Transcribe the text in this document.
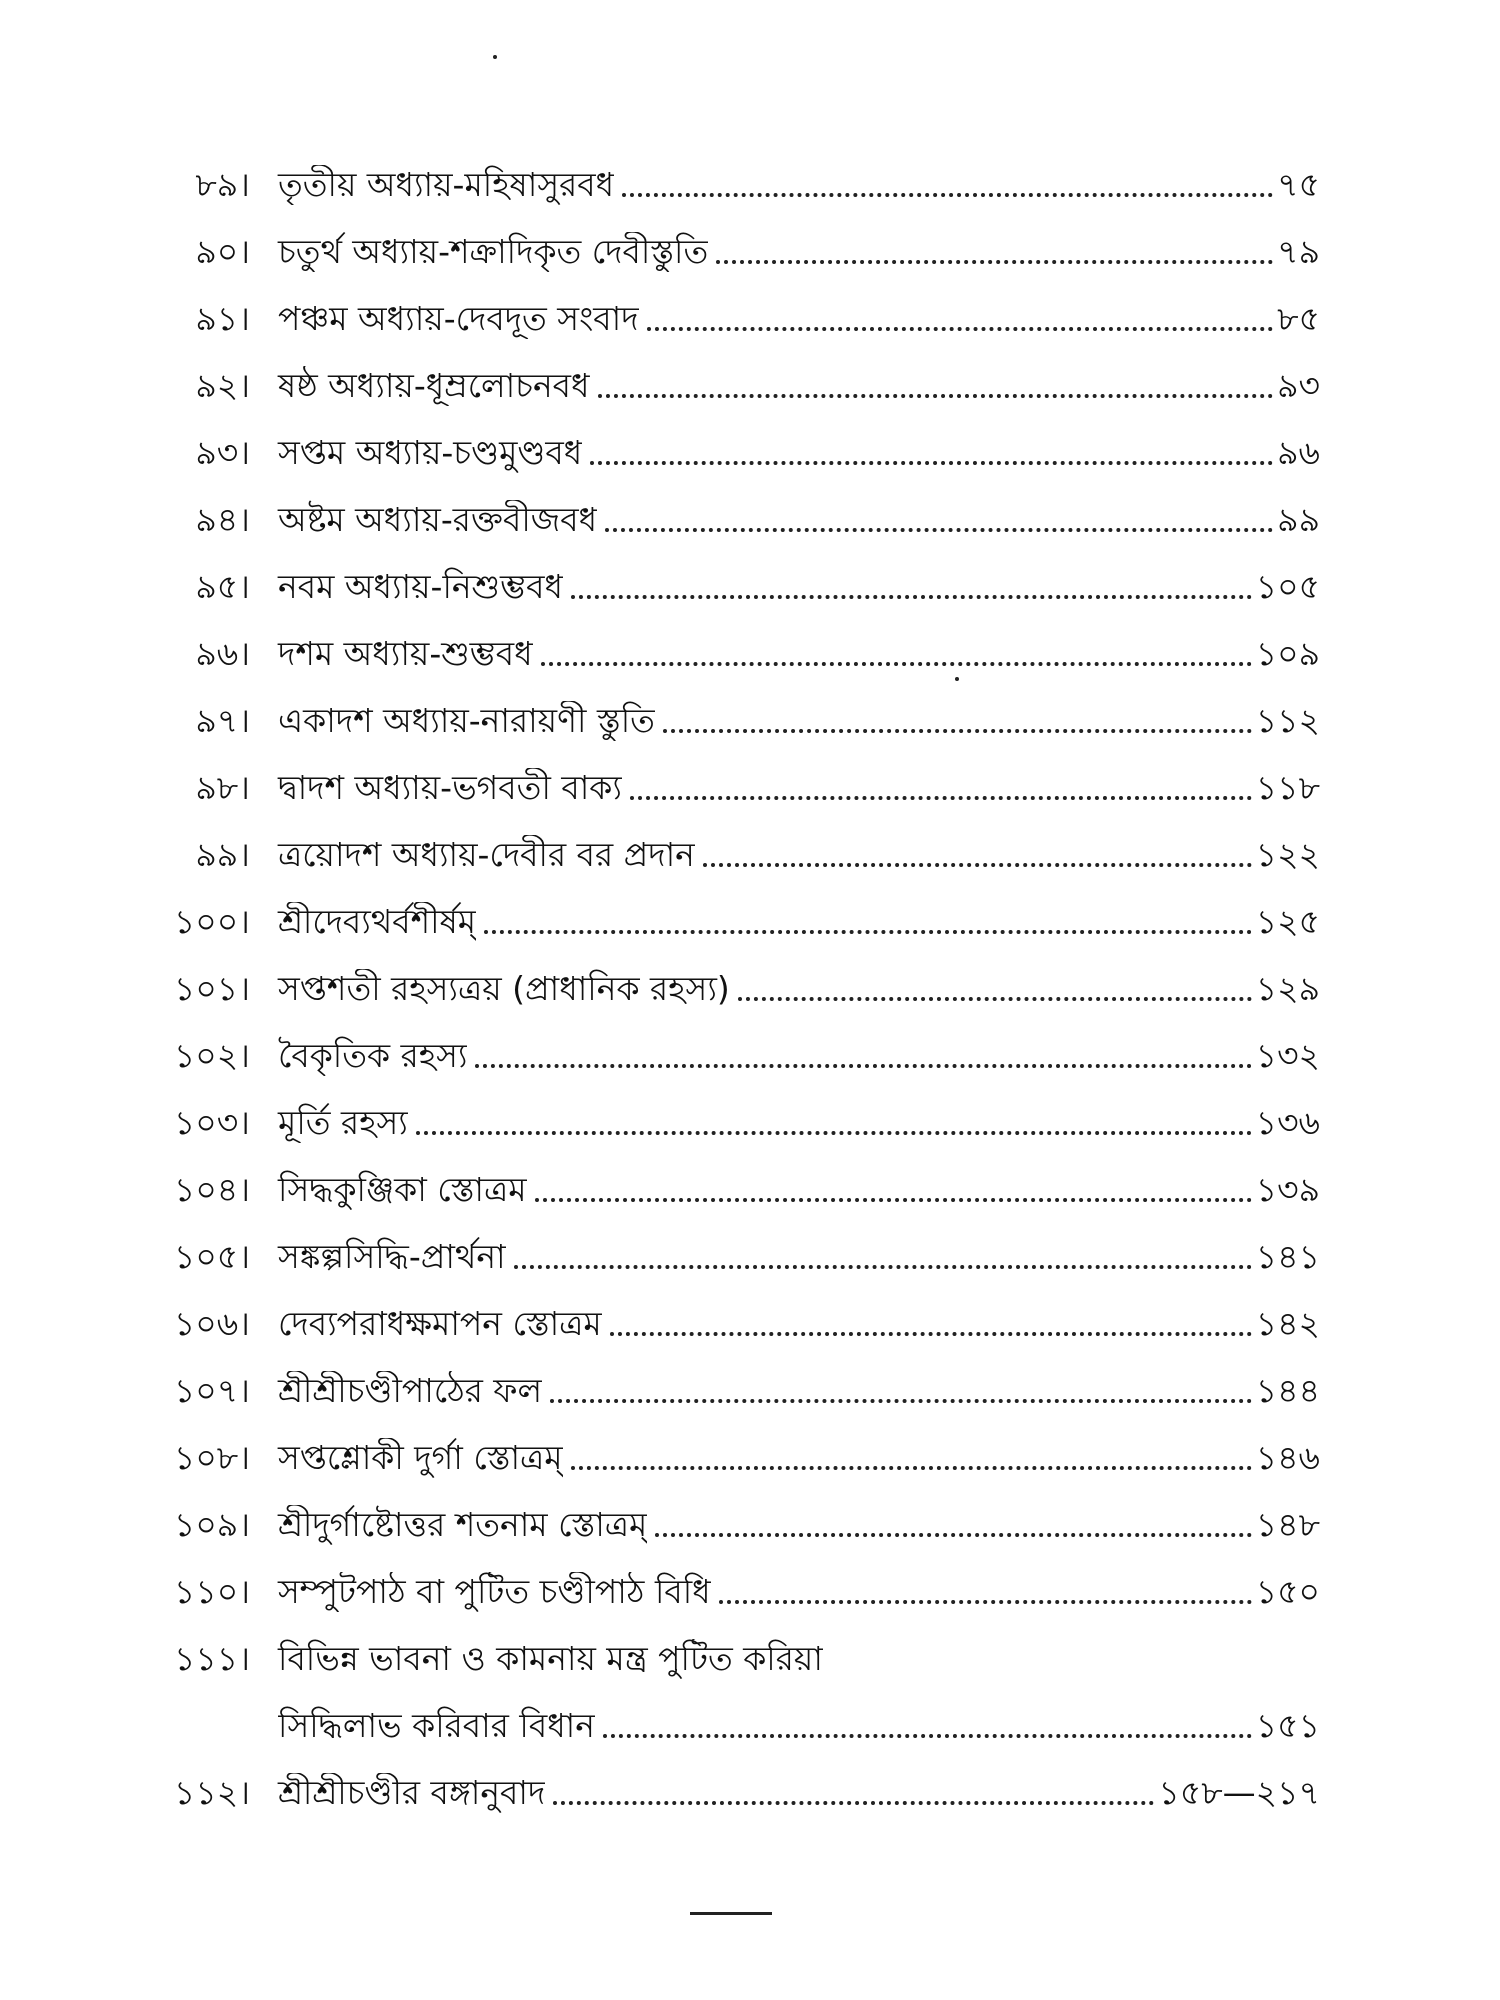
৮৯। তৃতীয় অধ্যায়-মহিষাসুরবধ	৭৫
৯০। চতুর্থ অধ্যায়-শক্রাদিকৃত দেবীস্তুতি	৭৯
৯১। পঞ্চম অধ্যায়-দেবদূত সংবাদ	৮৫
৯২। ষষ্ঠ অধ্যায়-ধূম্রলোচনবধ	৯৩
৯৩। সপ্তম অধ্যায়-চণ্ডমুণ্ডবধ	৯৬
৯৪। অষ্টম অধ্যায়-রক্তবীজবধ	৯৯
৯৫। নবম অধ্যায়-নিশুম্ভবধ	১০৫
৯৬। দশম অধ্যায়-শুম্ভবধ	১০৯
৯৭। একাদশ অধ্যায়-নারায়ণী স্তুতি	১১২
৯৮। দ্বাদশ অধ্যায়-ভগবতী বাক্য	১১৮
৯৯। ত্রয়োদশ অধ্যায়-দেবীর বর প্রদান	১২২
১০০। শ্রীদেব্যথর্বশীর্ষম্	১২৫
১০১। সপ্তশতী রহস্যত্রয় (প্রাধানিক রহস্য)	১২৯
১০২। বৈকৃতিক রহস্য	১৩২
১০৩। মূর্তি রহস্য	১৩৬
১০৪। সিদ্ধকুঞ্জিকা স্তোত্রম	১৩৯
১০৫। সঙ্কল্পসিদ্ধি-প্রার্থনা	১৪১
১০৬। দেব্যপরাধক্ষমাপন স্তোত্রম	১৪২
১০৭। শ্রীশ্রীচণ্ডীপাঠের ফল	১৪৪
১০৮। সপ্তশ্লোকী দুর্গা স্তোত্রম্	১৪৬
১০৯। শ্রীদুর্গাষ্টোত্তর শতনাম স্তোত্রম্	১৪৮
১১০। সম্পুটপাঠ বা পুটিত চণ্ডীপাঠ বিধি	১৫০
১১১। বিভিন্ন ভাবনা ও কামনায় মন্ত্র পুটিত করিয়া
সিদ্ধিলাভ করিবার বিধান	১৫১
১১২। শ্রীশ্রীচণ্ডীর বঙ্গানুবাদ	১৫৮—২১৭
